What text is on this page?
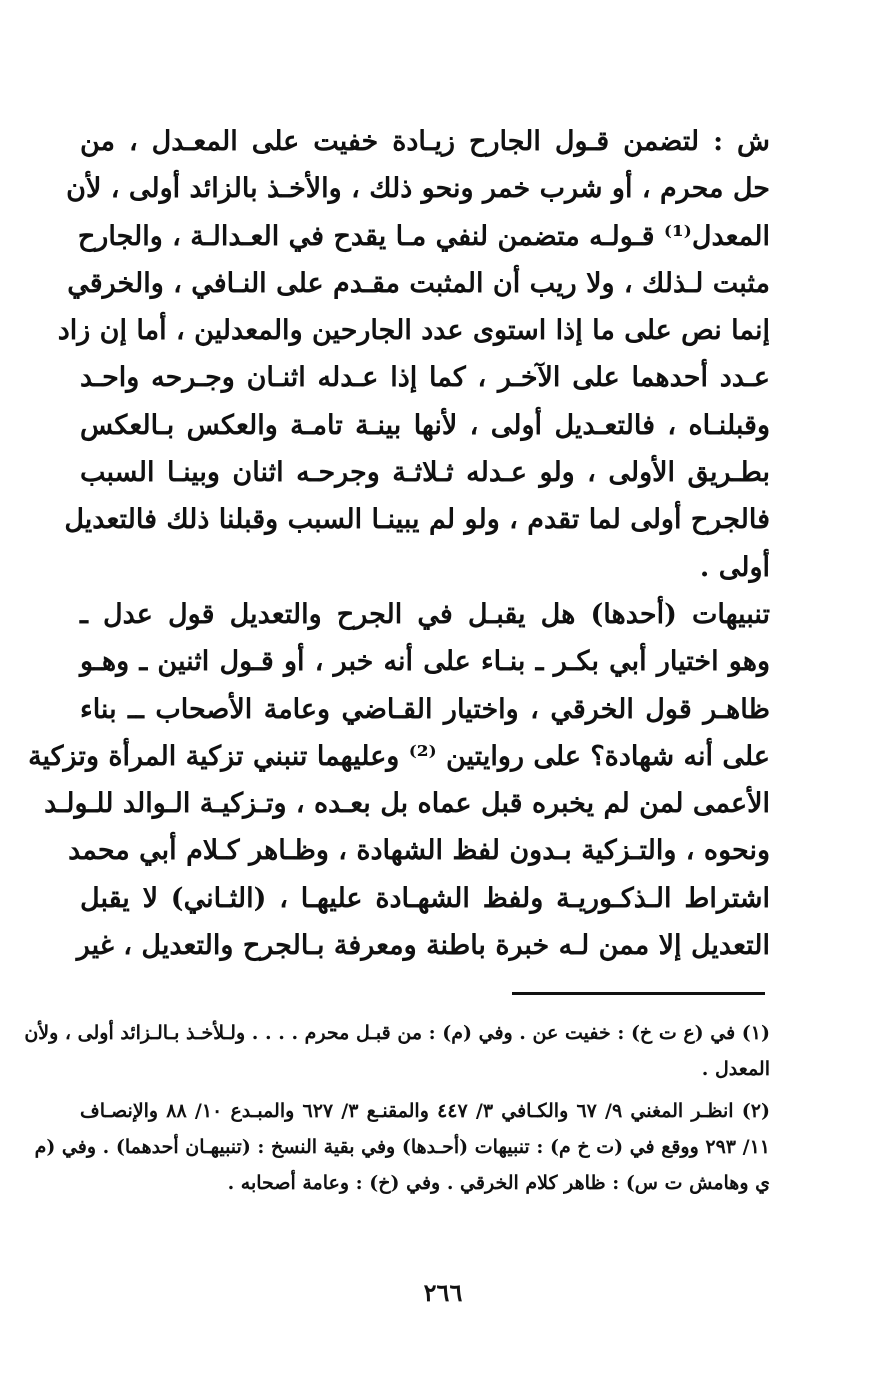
ش : لتضمن قـول الجارح زيـادة خفيت على المعـدل ، من
حل محرم ، أو شرب خمر ونحو ذلك ، والأخـذ بالزائد أولى ، لأن
المعدل⁽¹⁾ قـولـه متضمن لنفي مـا يقدح في العـدالـة ، والجارح
مثبت لـذلك ، ولا ريب أن المثبت مقـدم على النـافي ، والخرقي
إنما نص على ما إذا استوى عدد الجارحين والمعدلين ، أما إن زاد
عـدد أحدهما على الآخـر ، كما إذا عـدله اثنـان وجـرحه واحـد
وقبلنـاه ، فالتعـديل أولى ، لأنها بينـة تامـة والعكس بـالعكس
بطـريق الأولى ، ولو عـدله ثـلاثـة وجرحـه اثنان وبينـا السبب
فالجرح أولى لما تقدم ، ولو لم يبينـا السبب وقبلنا ذلك فالتعديل
أولى .
تنبيهات (أحدها) هل يقبـل في الجرح والتعديل قول عدل ـ
وهو اختيار أبي بكـر ـ بنـاء على أنه خبر ، أو قـول اثنين ـ وهـو
ظاهـر قول الخرقي ، واختيار القـاضي وعامة الأصحاب ــ بناء
على أنه شهادة؟ على روايتين ⁽²⁾ وعليهما تنبني تزكية المرأة وتزكية
الأعمى لمن لم يخبره قبل عماه بل بعـده ، وتـزكيـة الـوالد للـولـد
ونحوه ، والتـزكية بـدون لفظ الشهادة ، وظـاهر كـلام أبي محمد
اشتراط الـذكـوريـة ولفظ الشهـادة عليهـا ، (الثـاني) لا يقبل
التعديل إلا ممن لـه خبرة باطنة ومعرفة بـالجرح والتعديل ، غير
(١) في (ع ت خ) : خفيت عن . وفي (م) : من قبـل محرم . . . . ولـلأخـذ بـالـزائد أولى ، ولأن
المعدل .
(٢) انظـر المغني ٩/ ٦٧ والكـافي ٣/ ٤٤٧ والمقنـع ٣/ ٦٢٧ والمبـدع ١٠/ ٨٨ والإنصـاف
١١/ ٢٩٣ ووقع في (ت خ م) : تنبيهات (أحـدها) وفي بقية النسخ : (تنبيهـان أحدهما) . وفي (م
ي وهامش ت س) : ظاهر كلام الخرقي . وفي (خ) : وعامة أصحابه .
٢٦٦
